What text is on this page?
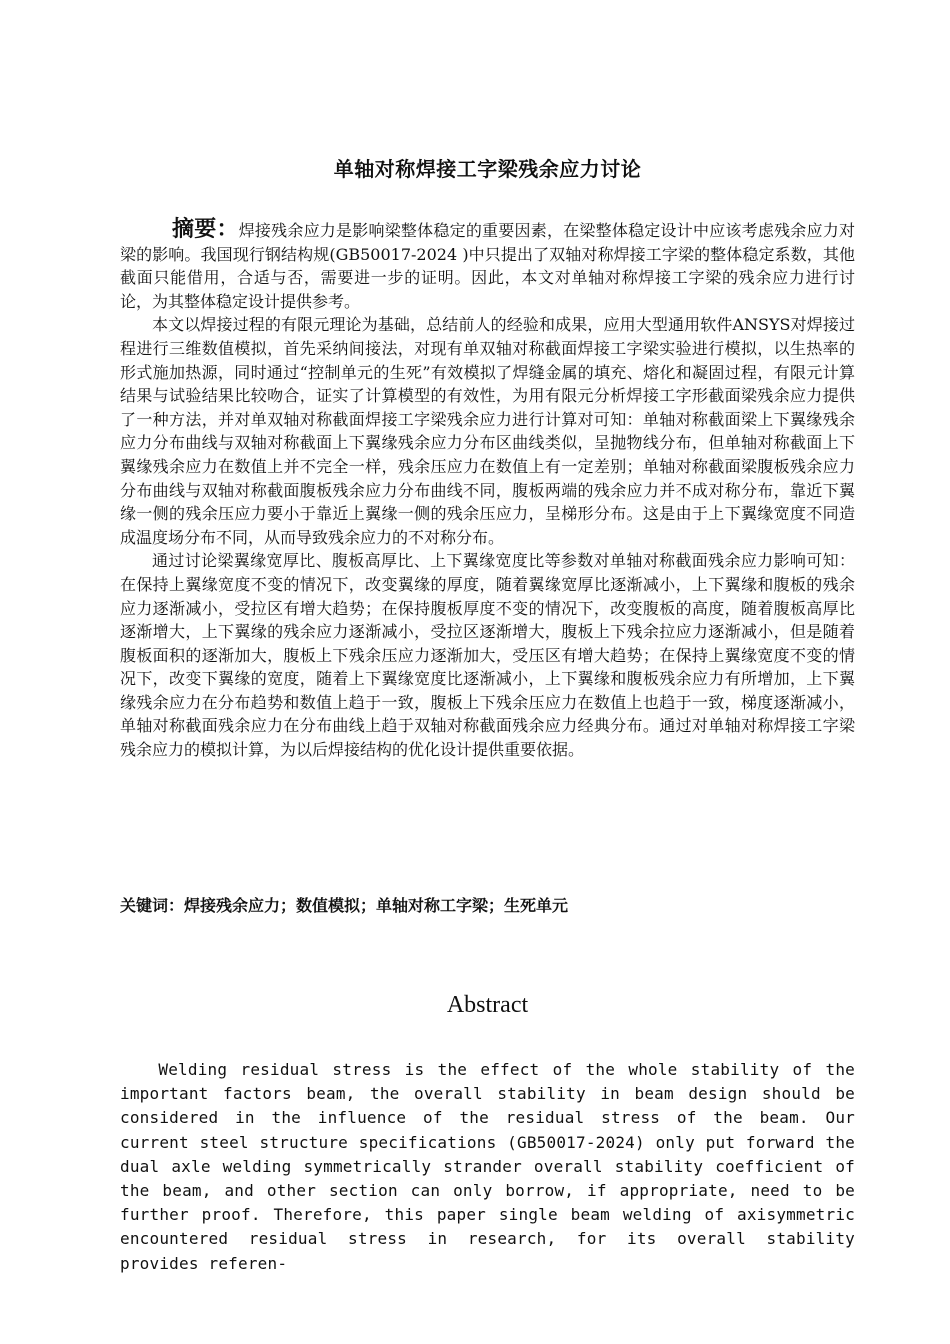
单轴对称焊接工字梁残余应力讨论

摘要：焊接残余应力是影响梁整体稳定的重要因素，在梁整体稳定设计中应该考虑残余应力对梁的影响。我国现行钢结构规(GB50017-2024 )中只提出了双轴对称焊接工字梁的整体稳定系数，其他截面只能借用，合适与否，需要进一步的证明。因此，本文对单轴对称焊接工字梁的残余应力进行讨论，为其整体稳定设计提供参考。

本文以焊接过程的有限元理论为基础，总结前人的经验和成果，应用大型通用软件ANSYS对焊接过程进行三维数值模拟，首先采纳间接法，对现有单双轴对称截面焊接工字梁实验进行模拟，以生热率的形式施加热源，同时通过“控制单元的生死”有效模拟了焊缝金属的填充、熔化和凝固过程，有限元计算结果与试验结果比较吻合，证实了计算模型的有效性，为用有限元分析焊接工字形截面梁残余应力提供了一种方法，并对单双轴对称截面焊接工字梁残余应力进行计算对可知：单轴对称截面梁上下翼缘残余应力分布曲线与双轴对称截面上下翼缘残余应力分布区曲线类似，呈抛物线分布，但单轴对称截面上下翼缘残余应力在数值上并不完全一样，残余压应力在数值上有一定差别；单轴对称截面梁腹板残余应力分布曲线与双轴对称截面腹板残余应力分布曲线不同，腹板两端的残余应力并不成对称分布，靠近下翼缘一侧的残余压应力要小于靠近上翼缘一侧的残余压应力，呈梯形分布。这是由于上下翼缘宽度不同造成温度场分布不同，从而导致残余应力的不对称分布。

通过讨论梁翼缘宽厚比、腹板高厚比、上下翼缘宽度比等参数对单轴对称截面残余应力影响可知：在保持上翼缘宽度不变的情况下，改变翼缘的厚度，随着翼缘宽厚比逐渐减小，上下翼缘和腹板的残余应力逐渐减小，受拉区有增大趋势；在保持腹板厚度不变的情况下，改变腹板的高度，随着腹板高厚比逐渐增大，上下翼缘的残余应力逐渐减小，受拉区逐渐增大，腹板上下残余拉应力逐渐减小，但是随着腹板面积的逐渐加大，腹板上下残余压应力逐渐加大，受压区有增大趋势；在保持上翼缘宽度不变的情况下，改变下翼缘的宽度，随着上下翼缘宽度比逐渐减小，上下翼缘和腹板残余应力有所增加，上下翼缘残余应力在分布趋势和数值上趋于一致，腹板上下残余压应力在数值上也趋于一致，梯度逐渐减小，单轴对称截面残余应力在分布曲线上趋于双轴对称截面残余应力经典分布。通过对单轴对称焊接工字梁残余应力的模拟计算，为以后焊接结构的优化设计提供重要依据。

关键词：焊接残余应力；数值模拟；单轴对称工字梁；生死单元

Abstract

Welding residual stress is the effect of the whole stability of the important factors beam, the overall stability in beam design should be considered in the influence of the residual stress of the beam. Our current steel structure specifications (GB50017-2024) only put forward the dual axle welding symmetrically strander overall stability coefficient of the beam, and other section can only borrow, if appropriate, need to be further proof. Therefore, this paper single beam welding of axisymmetric encountered residual stress in research, for its overall stability provides referen-
